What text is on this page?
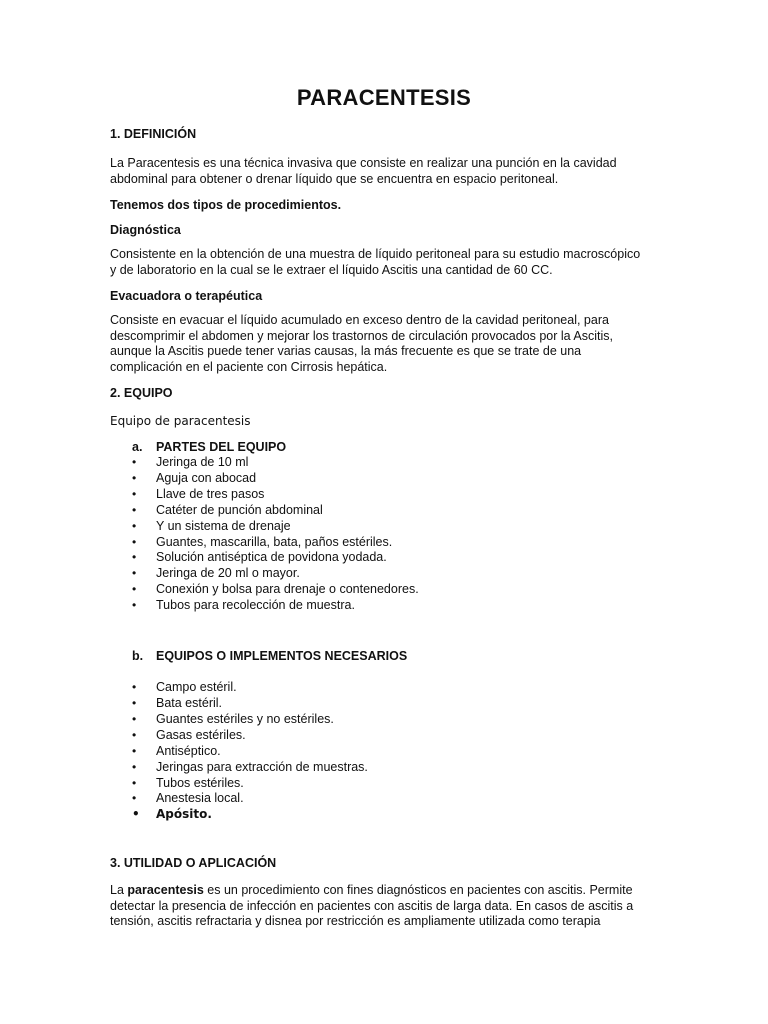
PARACENTESIS
1. DEFINICIÓN

La Paracentesis es una técnica invasiva que consiste en realizar una punción en la cavidad
abdominal para obtener o drenar líquido que se encuentra en espacio peritoneal.

Tenemos dos tipos de procedimientos.
Diagnóstica

Consistente en la obtención de una muestra de líquido peritoneal para su estudio macroscópico
y de laboratorio en la cual se le extraer el líquido Ascitis una cantidad de 60 CC.

Evacuadora o terapéutica

Consiste en evacuar el líquido acumulado en exceso dentro de la cavidad peritoneal, para
descomprimir el abdomen y mejorar los trastornos de circulación provocados por la Ascitis,
aunque la Ascitis puede tener varias causas, la más frecuente es que se trate de una
complicación en el paciente con Cirrosis hepática.

2. EQUIPO
Equipo de paracentesis
a. PARTES DEL EQUIPO
• Jeringa de 10 ml
• Aguja con abocad
• Llave de tres pasos
• Catéter de punción abdominal
• Y un sistema de drenaje
• Guantes, mascarilla, bata, paños estériles.
• Solución antiséptica de povidona yodada.
• Jeringa de 20 ml o mayor.
• Conexión y bolsa para drenaje o contenedores.
• Tubos para recolección de muestra.
b. EQUIPOS O IMPLEMENTOS NECESARIOS
• Campo estéril.
• Bata estéril.
• Guantes estériles y no estériles.
• Gasas estériles.
• Antiséptico.
• Jeringas para extracción de muestras.
• Tubos estériles.
• Anestesia local.
• Apósito.
3. UTILIDAD O APLICACIÓN

La paracentesis es un procedimiento con fines diagnósticos en pacientes con ascitis. Permite
detectar la presencia de infección en pacientes con ascitis de larga data. En casos de ascitis a
tensión, ascitis refractaria y disnea por restricción es ampliamente utilizada como terapia
